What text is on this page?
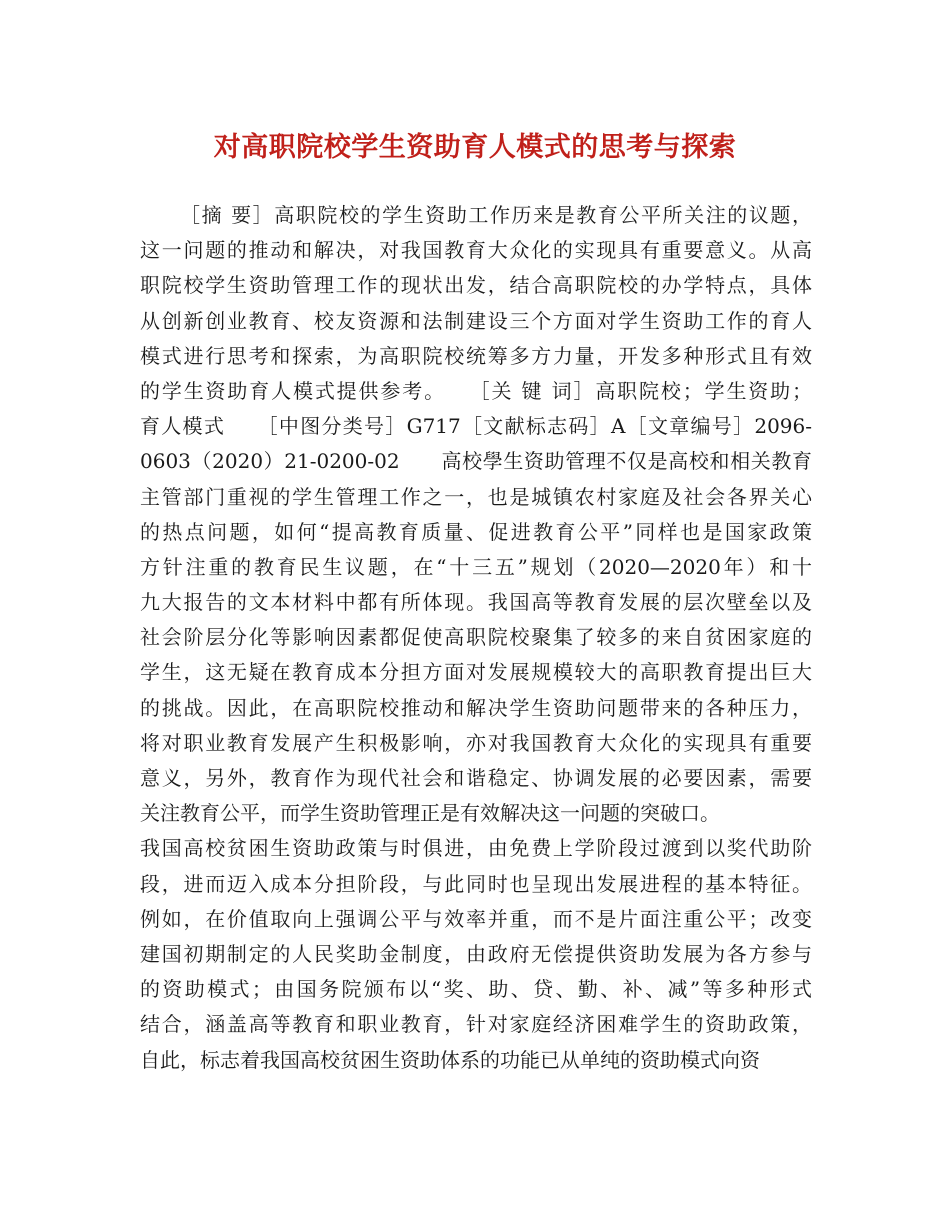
对高职院校学生资助育人模式的思考与探索
［摘 要］高职院校的学生资助工作历来是教育公平所关注的议题，
这一问题的推动和解决，对我国教育大众化的实现具有重要意义。从高
职院校学生资助管理工作的现状出发，结合高职院校的办学特点，具体
从创新创业教育、校友资源和法制建设三个方面对学生资助工作的育人
模式进行思考和探索，为高职院校统筹多方力量，开发多种形式且有效
的学生资助育人模式提供参考。　　［关 键 词］高职院校；学生资助；
育人模式　　［中图分类号］G717［文献标志码］A［文章编号］2096-
0603（2020）21-0200-02　　高校學生资助管理不仅是高校和相关教育
主管部门重视的学生管理工作之一，也是城镇农村家庭及社会各界关心
的热点问题，如何“提高教育质量、促进教育公平”同样也是国家政策
方针注重的教育民生议题，在“十三五”规划（2020—2020年）和十
九大报告的文本材料中都有所体现。我国高等教育发展的层次壁垒以及
社会阶层分化等影响因素都促使高职院校聚集了较多的来自贫困家庭的
学生，这无疑在教育成本分担方面对发展规模较大的高职教育提出巨大
的挑战。因此，在高职院校推动和解决学生资助问题带来的各种压力，
将对职业教育发展产生积极影响，亦对我国教育大众化的实现具有重要
意义，另外，教育作为现代社会和谐稳定、协调发展的必要因素，需要
关注教育公平，而学生资助管理正是有效解决这一问题的突破口。
我国高校贫困生资助政策与时俱进，由免费上学阶段过渡到以奖代助阶
段，进而迈入成本分担阶段，与此同时也呈现出发展进程的基本特征。
例如，在价值取向上强调公平与效率并重，而不是片面注重公平；改变
建国初期制定的人民奖助金制度，由政府无偿提供资助发展为各方参与
的资助模式；由国务院颁布以“奖、助、贷、勤、补、减”等多种形式
结合，涵盖高等教育和职业教育，针对家庭经济困难学生的资助政策，
自此，标志着我国高校贫困生资助体系的功能已从单纯的资助模式向资
